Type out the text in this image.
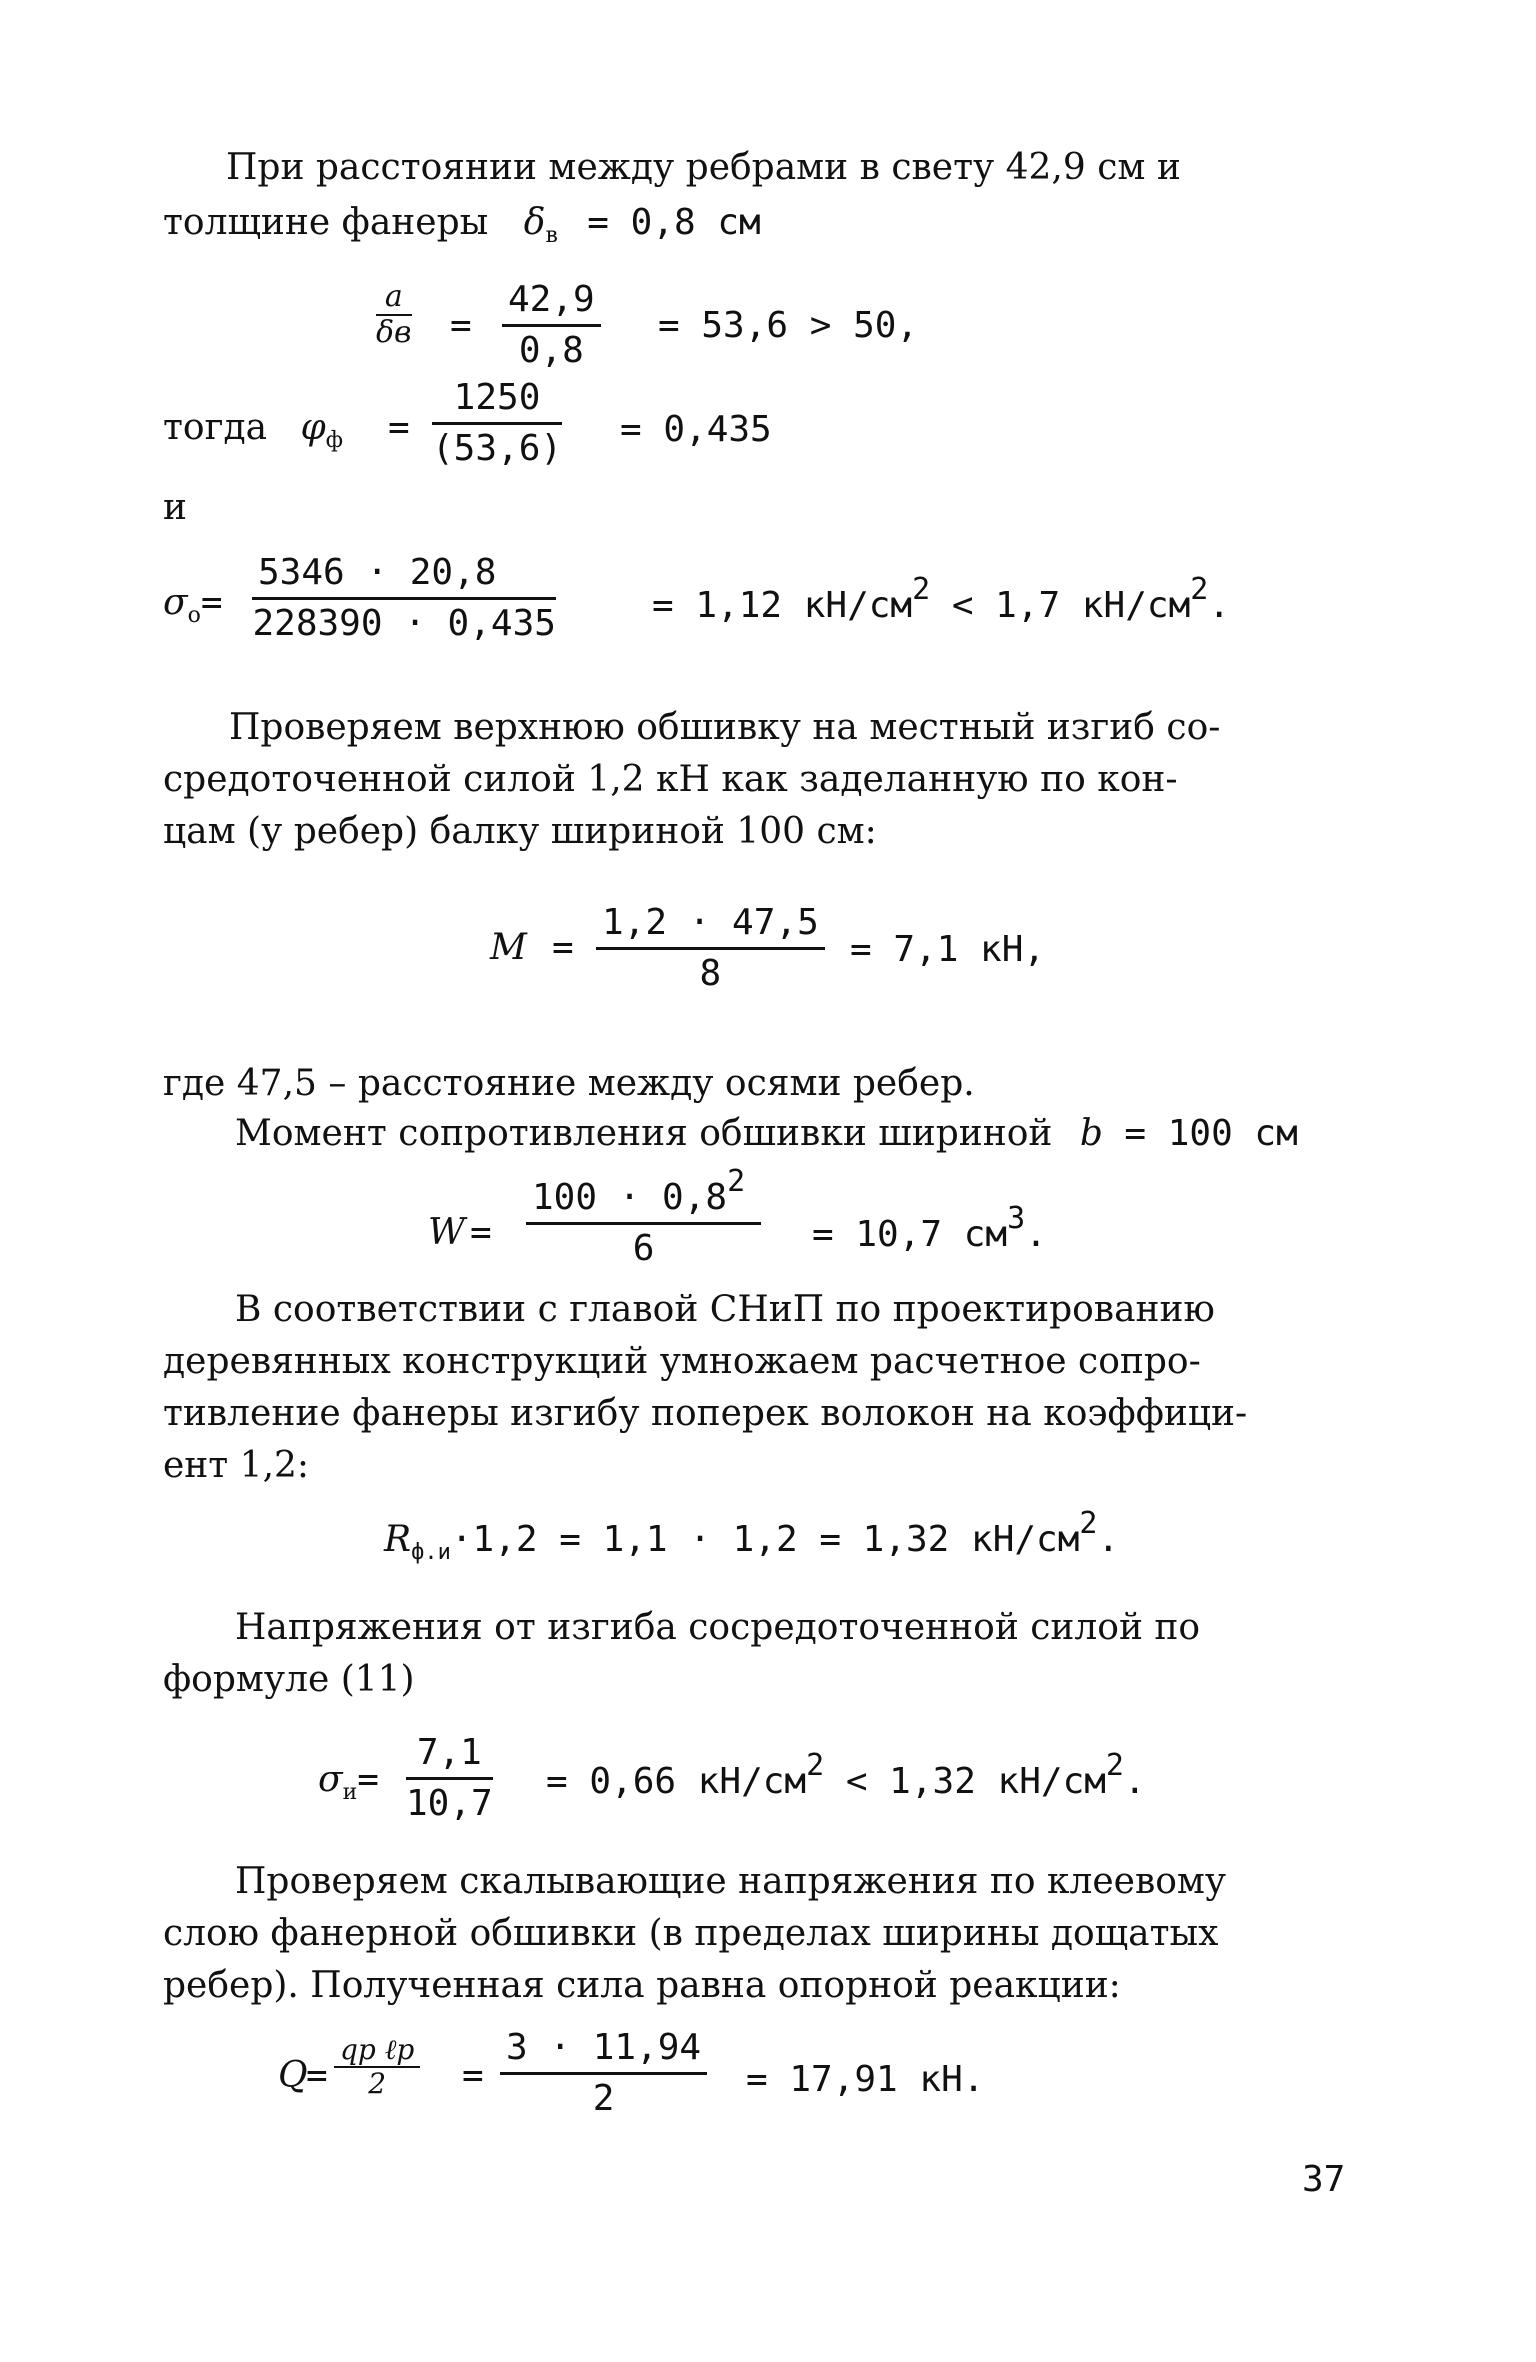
При расстоянии между ребрами в свету 42,9 см и
толщине фанеры $\delta_в = 0,8$ см
a
$\delta в = \frac{42,9}{0,8} = 53,6 > 50$,
тогда $\varphi_ф = \frac{1250}{(53,6)} = 0,435$
и
$\sigma_о= \frac{5346 \cdot 20,8}{228390 \cdot 0,435}$	= 1,12 $кН/см^2 < 1,7$ $кН/см^2$.
Проверяем верхнюю обшивку на местный изгиб со-
средоточенной силой 1,2 кН как заделанную по кон-
цам (у ребер) балку шириной 100 см:
$М = \frac{1,2 \cdot 47,5}{8} = 7,1$ кН,
где 47,5 – расстояние между осями ребер.
Момент сопротивления обшивки шириной b = 100 см
$W = \frac{100 \cdot 0,8^2}{6} = 10,7$ $см^3$.
В соответствии с главой СНиП по проектированию
деревянных конструкций умножаем расчетное сопро-
тивление фанеры изгибу поперек волокон на коэффици-
ент 1,2:
$R_{ф.и}\cdot 1,2 = 1,1 \cdot 1,2 = 1,32$ $кН/см^2$.
Напряжения от изгиба сосредоточенной силой по
формуле (11)
$\sigma_и= \frac{7,1}{10,7} = 0,66$ $кН/см^2 < 1,32$ $кН/см^2$.
Проверяем скалывающие напряжения по клеевому
слою фанерной обшивки (в пределах ширины дощатых
ребер). Полученная сила равна опорной реакции:
Q
=
qр ℓр
2	= $\frac{3 \cdot 11,94}{2} = 17,91$ кН.
37
